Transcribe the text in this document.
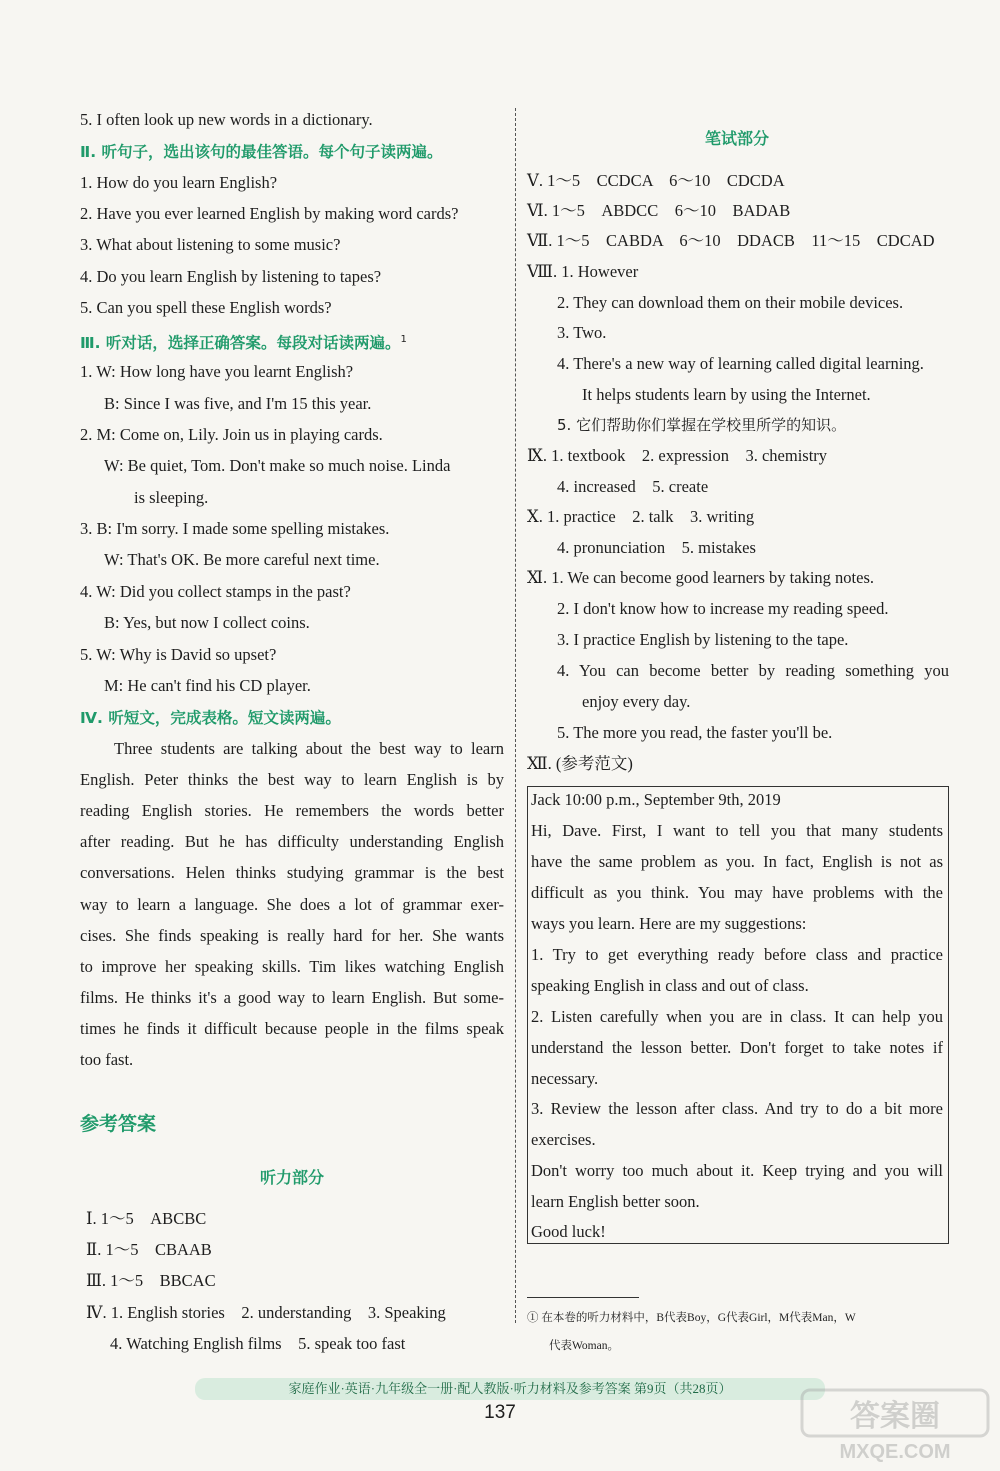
5. I often look up new words in a dictionary.
Ⅱ. 听句子，选出该句的最佳答语。每个句子读两遍。
1. How do you learn English?
2. Have you ever learned English by making word cards?
3. What about listening to some music?
4. Do you learn English by listening to tapes?
5. Can you spell these English words?
Ⅲ. 听对话，选择正确答案。每段对话读两遍。$^1$
1. W: How long have you learnt English?
B: Since I was five, and I'm 15 this year.
2. M: Come on, Lily. Join us in playing cards.
W: Be quiet, Tom. Don't make so much noise. Linda
is sleeping.
3. B: I'm sorry. I made some spelling mistakes.
W: That's OK. Be more careful next time.
4. W: Did you collect stamps in the past?
B: Yes, but now I collect coins.
5. W: Why is David so upset?
M: He can't find his CD player.
Ⅳ. 听短文，完成表格。短文读两遍。
Three students are talking about the best way to learn
English. Peter thinks the best way to learn English is by
reading English stories. He remembers the words better
after reading. But he has difficulty understanding English
conversations. Helen thinks studying grammar is the best
way to learn a language. She does a lot of grammar exer-
cises. She finds speaking is really hard for her. She wants
to improve her speaking skills. Tim likes watching English
films. He thinks it's a good way to learn English. But some-
times he finds it difficult because people in the films speak
too fast.
参考答案
听力部分
Ⅰ. 1～5　ABCBC
Ⅱ. 1～5　CBAAB
Ⅲ. 1～5　BBCAC
Ⅳ. 1. English stories　2. understanding　3. Speaking
4. Watching English films　5. speak too fast
笔试部分
Ⅴ. 1～5　CCDCA　6～10　CDCDA
Ⅵ. 1～5　ABDCC　6～10　BADAB
Ⅶ. 1～5　CABDA　6～10　DDACB　11～15　CDCAD
Ⅷ. 1. However
2. They can download them on their mobile devices.
3. Two.
4. There's a new way of learning called digital learning.
It helps students learn by using the Internet.
5. 它们帮助你们掌握在学校里所学的知识。
Ⅸ. 1. textbook　2. expression　3. chemistry
4. increased　5. create
Ⅹ. 1. practice　2. talk　3. writing
4. pronunciation　5. mistakes
Ⅺ. 1. We can become good learners by taking notes.
2. I don't know how to increase my reading speed.
3. I practice English by listening to the tape.
4. You can become better by reading something you
enjoy every day.
5. The more you read, the faster you'll be.
Ⅻ. (参考范文)
Jack 10:00 p.m., September 9th, 2019
Hi, Dave. First, I want to tell you that many students
have the same problem as you. In fact, English is not as
difficult as you think. You may have problems with the
ways you learn. Here are my suggestions:
1. Try to get everything ready before class and practice
speaking English in class and out of class.
2. Listen carefully when you are in class. It can help you
understand the lesson better. Don't forget to take notes if
necessary.
3. Review the lesson after class. And try to do a bit more
exercises.
Don't worry too much about it. Keep trying and you will
learn English better soon.
Good luck!
① 在本卷的听力材料中，B代表Boy，G代表Girl，M代表Man，W
代表Woman。
家庭作业·英语·九年级全一册·配人教版·听力材料及参考答案 第9页（共28页）
137	答案圈
MXQE.COM
